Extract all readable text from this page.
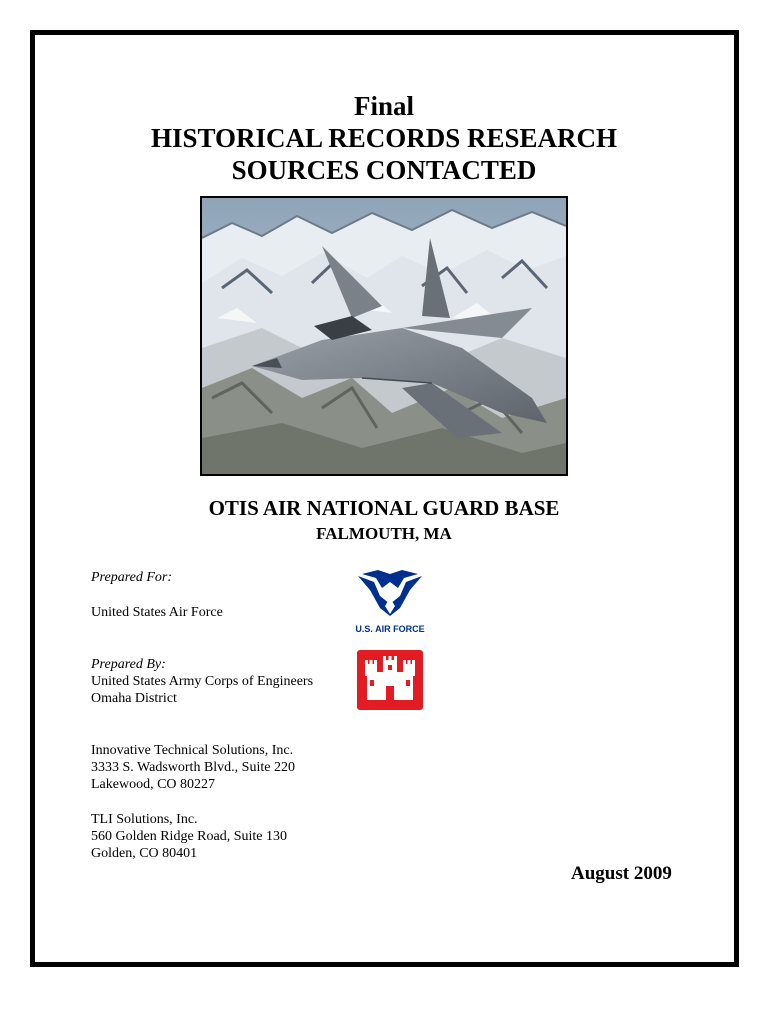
Final
HISTORICAL RECORDS RESEARCH
SOURCES CONTACTED
OTIS AIR NATIONAL GUARD BASE
FALMOUTH, MA
Prepared For:
United States Air Force
U.S. AIR FORCE
Prepared By:
United States Army Corps of Engineers
Omaha District
Innovative Technical Solutions, Inc.
3333 S. Wadsworth Blvd., Suite 220
Lakewood, CO 80227
TLI Solutions, Inc.
560 Golden Ridge Road, Suite 130
Golden, CO 80401
August 2009
